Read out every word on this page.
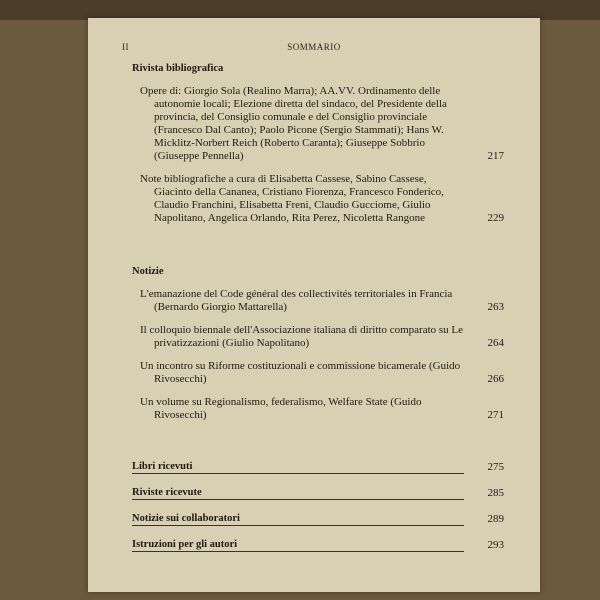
II	SOMMARIO
Rivista bibliografica
Opere di: Giorgio Sola (Realino Marra); AA.VV. Ordinamento delle autonomie locali; Elezione diretta del sindaco, del Presidente della provincia, del Consiglio comunale e del Consiglio provinciale (Francesco Dal Canto); Paolo Picone (Sergio Stammati); Hans W. Micklitz-Norbert Reich (Roberto Caranta); Giuseppe Sobbrio (Giuseppe Pennella)	217
Note bibliografiche a cura di Elisabetta Cassese, Sabino Cassese, Giacinto della Cananea, Cristiano Fiorenza, Francesco Fonderico, Claudio Franchini, Elisabetta Freni, Claudio Gucciome, Giulio Napolitano, Angelica Orlando, Rita Perez, Nicoletta Rangone	229
Notizie
L'emanazione del Code général des collectivités territoriales in Francia (Bernardo Giorgio Mattarella)	263
Il colloquio biennale dell'Associazione italiana di diritto comparato su Le privatizzazioni (Giulio Napolitano)	264
Un incontro su Riforme costituzionali e commissione bicamerale (Guido Rivosecchi)	266
Un volume su Regionalismo, federalismo, Welfare State (Guido Rivosecchi)	271
Libri ricevuti	275
Riviste ricevute	285
Notizie sui collaboratori	289
Istruzioni per gli autori	293
